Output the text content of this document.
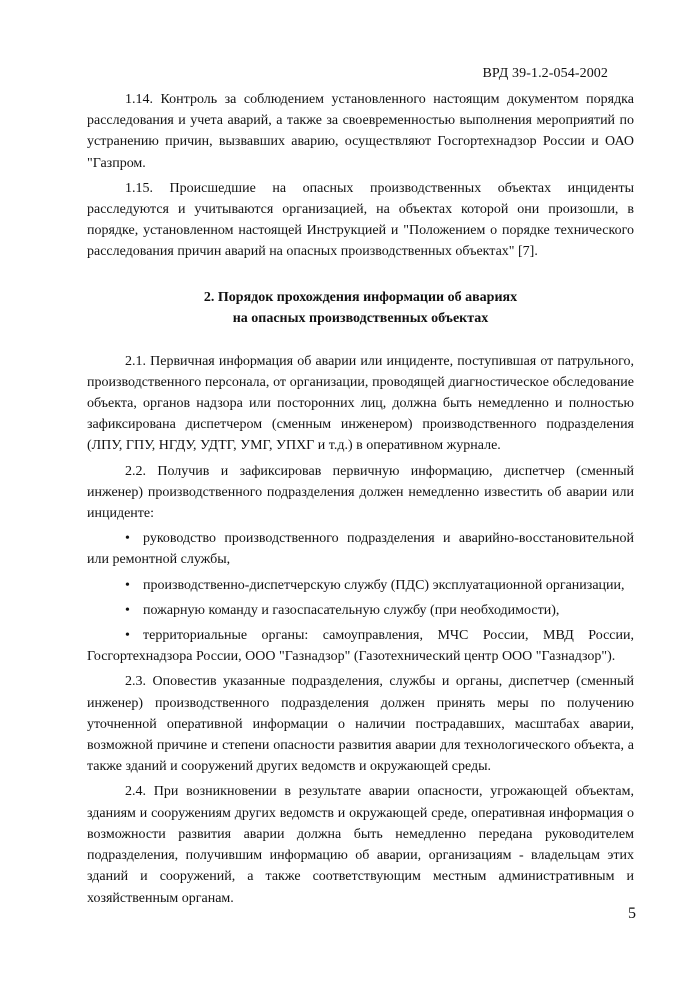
ВРД 39-1.2-054-2002

1.14. Контроль за соблюдением установленного настоящим документом порядка расследования и учета аварий, а также за своевременностью выполнения мероприятий по устранению причин, вызвавших аварию, осуществляют Госгортехнадзор России и ОАО "Газпром.

1.15. Происшедшие на опасных производственных объектах инциденты расследуются и учитываются организацией, на объектах которой они произошли, в порядке, установленном настоящей Инструкцией и "Положением о порядке технического расследования причин аварий на опасных производственных объектах" [7].

2. Порядок прохождения информации об авариях
на опасных производственных объектах

2.1. Первичная информация об аварии или инциденте, поступившая от патрульного, производственного персонала, от организации, проводящей диагностическое обследование объекта, органов надзора или посторонних лиц, должна быть немедленно и полностью зафиксирована диспетчером (сменным инженером) производственного подразделения (ЛПУ, ГПУ, НГДУ, УДТГ, УМГ, УПХГ и т.д.) в оперативном журнале.

2.2. Получив и зафиксировав первичную информацию, диспетчер (сменный инженер) производственного подразделения должен немедленно известить об аварии или инциденте:

• руководство производственного подразделения и аварийно-восстановительной или ремонтной службы,
• производственно-диспетчерскую службу (ПДС) эксплуатационной организации,
• пожарную команду и газоспасательную службу (при необходимости),
• территориальные органы: самоуправления, МЧС России, МВД России, Госгортехнадзора России, ООО "Газнадзор" (Газотехнический центр ООО "Газнадзор").

2.3. Оповестив указанные подразделения, службы и органы, диспетчер (сменный инженер) производственного подразделения должен принять меры по получению уточненной оперативной информации о наличии пострадавших, масштабах аварии, возможной причине и степени опасности развития аварии для технологического объекта, а также зданий и сооружений других ведомств и окружающей среды.

2.4. При возникновении в результате аварии опасности, угрожающей объектам, зданиям и сооружениям других ведомств и окружающей среде, оперативная информация о возможности развития аварии должна быть немедленно передана руководителем подразделения, получившим информацию об аварии, организациям - владельцам этих зданий и сооружений, а также соответствующим местным административным и хозяйственным органам.

5
